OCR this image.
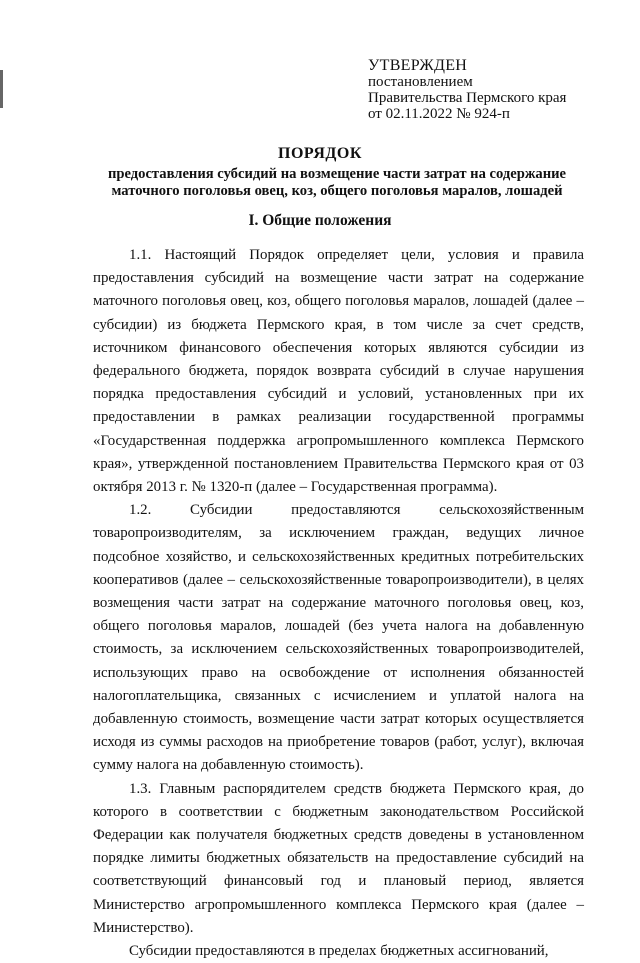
УТВЕРЖДЕН
постановлением
Правительства Пермского края
от 02.11.2022 № 924-п
ПОРЯДОК
предоставления субсидий на возмещение части затрат на содержание маточного поголовья овец, коз, общего поголовья маралов, лошадей
I. Общие положения

1.1. Настоящий Порядок определяет цели, условия и правила предоставления субсидий на возмещение части затрат на содержание маточного поголовья овец, коз, общего поголовья маралов, лошадей (далее – субсидии) из бюджета Пермского края, в том числе за счет средств, источником финансового обеспечения которых являются субсидии из федерального бюджета, порядок возврата субсидий в случае нарушения порядка предоставления субсидий и условий, установленных при их предоставлении в рамках реализации государственной программы «Государственная поддержка агропромышленного комплекса Пермского края», утвержденной постановлением Правительства Пермского края от 03 октября 2013 г. № 1320-п (далее – Государственная программа).

1.2. Субсидии предоставляются сельскохозяйственным товаропроизводителям, за исключением граждан, ведущих личное подсобное хозяйство, и сельскохозяйственных кредитных потребительских кооперативов (далее – сельскохозяйственные товаропроизводители), в целях возмещения части затрат на содержание маточного поголовья овец, коз, общего поголовья маралов, лошадей (без учета налога на добавленную стоимость, за исключением сельскохозяйственных товаропроизводителей, использующих право на освобождение от исполнения обязанностей налогоплательщика, связанных с исчислением и уплатой налога на добавленную стоимость, возмещение части затрат которых осуществляется исходя из суммы расходов на приобретение товаров (работ, услуг), включая сумму налога на добавленную стоимость).

1.3. Главным распорядителем средств бюджета Пермского края, до которого в соответствии с бюджетным законодательством Российской Федерации как получателя бюджетных средств доведены в установленном порядке лимиты бюджетных обязательств на предоставление субсидий на соответствующий финансовый год и плановый период, является Министерство агропромышленного комплекса Пермского края (далее – Министерство).

Субсидии предоставляются в пределах бюджетных ассигнований,
